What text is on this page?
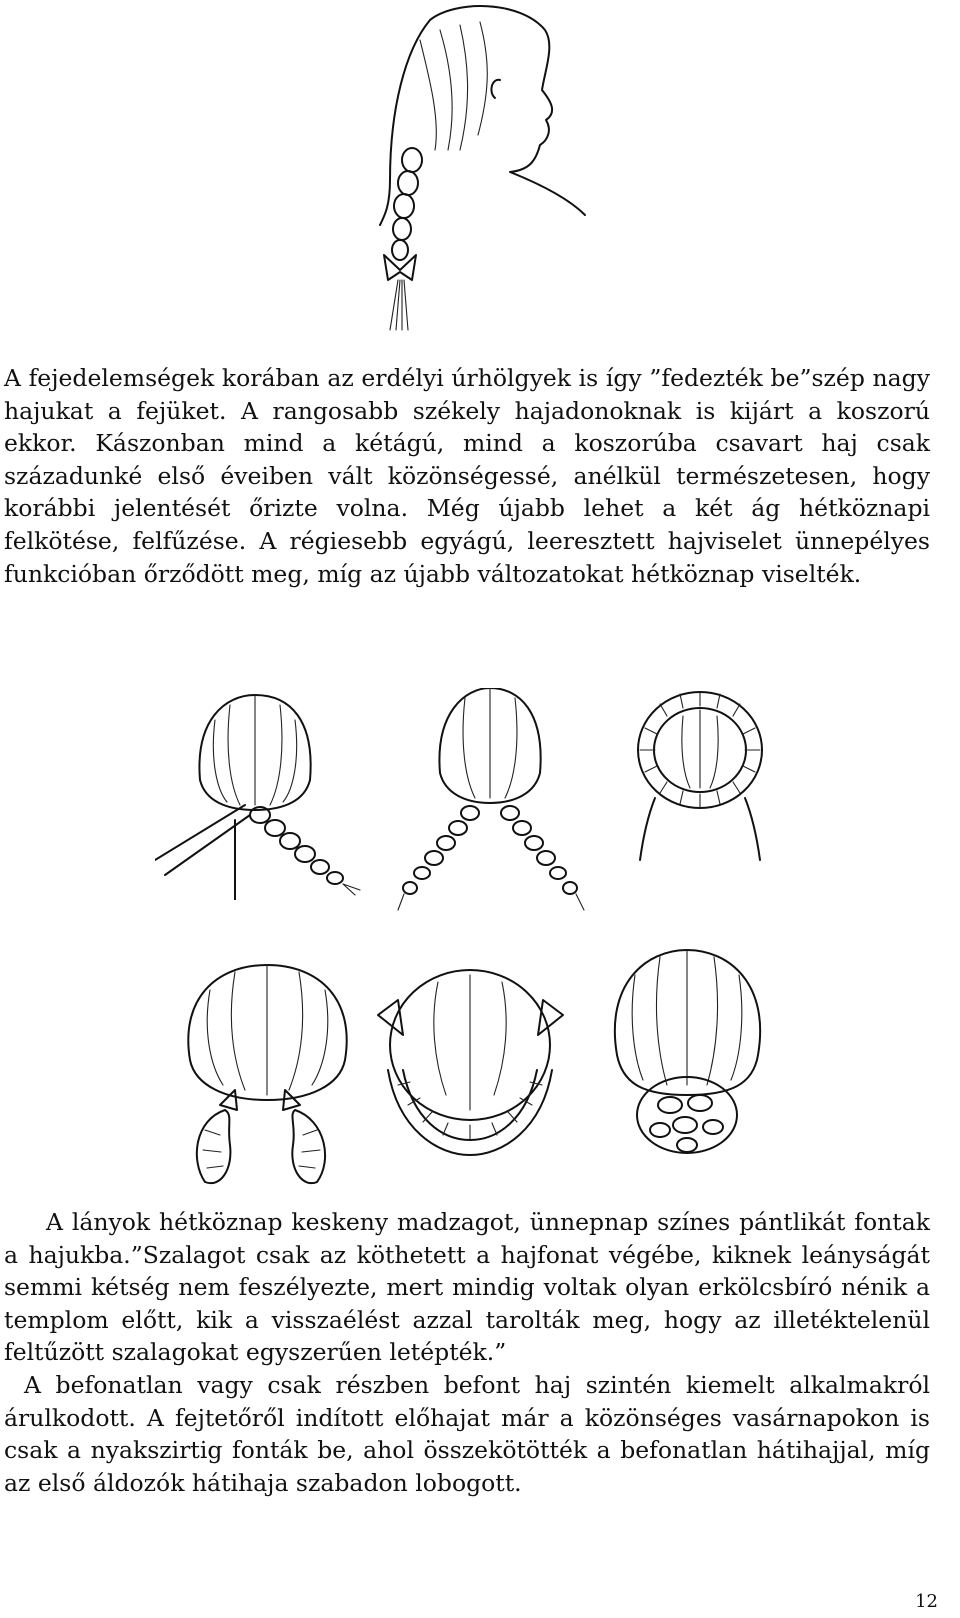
A fejedelemségek korában az erdélyi úrhölgyek is így ”fedezték be”szép nagy hajukat a fejüket. A rangosabb székely hajadonoknak is kijárt a koszorú ekkor. Kászonban mind a kétágú, mind a koszorúba csavart haj csak századunké első éveiben vált közönségessé, anélkül természetesen, hogy korábbi jelentését őrizte volna. Még újabb lehet a két ág hétköznapi felkötése, felfűzése. A régiesebb egyágú, leeresztett hajviselet ünnepélyes funkcióban őrződött meg, míg az újabb változatokat hétköznap viselték.

A lányok hétköznap keskeny madzagot, ünnepnap színes pántlikát fontak a hajukba.”Szalagot csak az köthetett a hajfonat végébe, kiknek leányságát semmi kétség nem feszélyezte, mert mindig voltak olyan erkölcsbíró nénik a templom előtt, kik a visszaélést azzal tarolták meg, hogy az illetéktelenül feltűzött szalagokat egyszerűen letépték.”

A befonatlan vagy csak részben befont haj szintén kiemelt alkalmakról árulkodott. A fejtetőről indított előhajat már a közönséges vasárnapokon is csak a nyakszirtig fonták be, ahol összekötötték a befonatlan hátihajjal, míg az első áldozók hátihaja szabadon lobogott.

12
